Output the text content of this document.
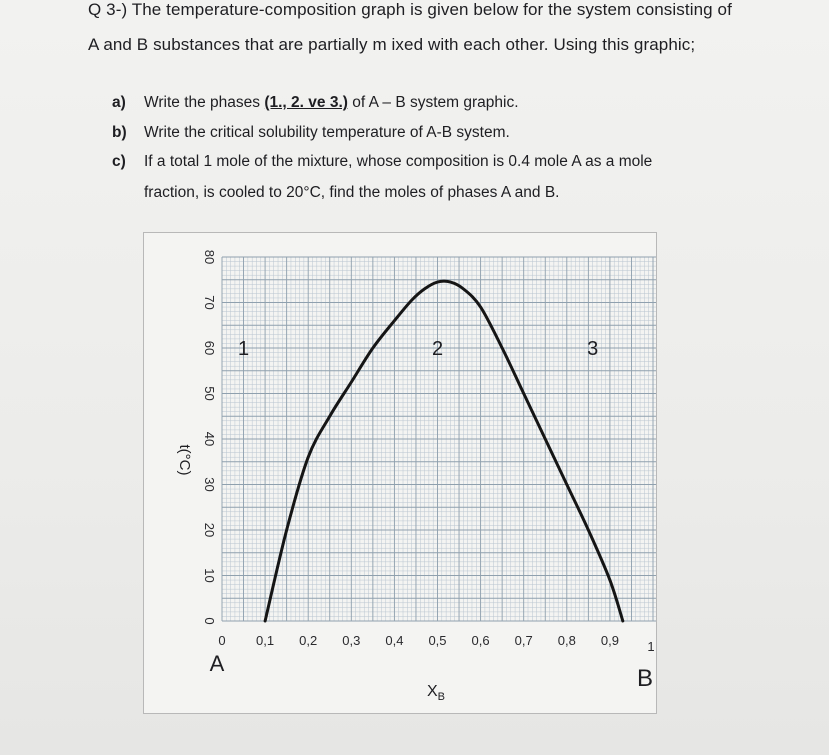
Q 3-) The temperature-composition graph is given below for the system consisting of
A and B substances that are partially m ixed with each other. Using this graphic;
a) Write the phases (1., 2. ve 3.) of A – B system graphic.
b) Write the critical solubility temperature of A-B system.
c) If a total 1 mole of the mixture, whose composition is 0.4 mole A as a mole
fraction, is cooled to 20°C, find the moles of phases A and B.
80
70
60
50
40
30
20
10
0
0 0,1 0,2 0,3 0,4 0,5 0,6 0,7 0,8 0,9 1
1	2	3
t(°C)
A
B
$X_B$
